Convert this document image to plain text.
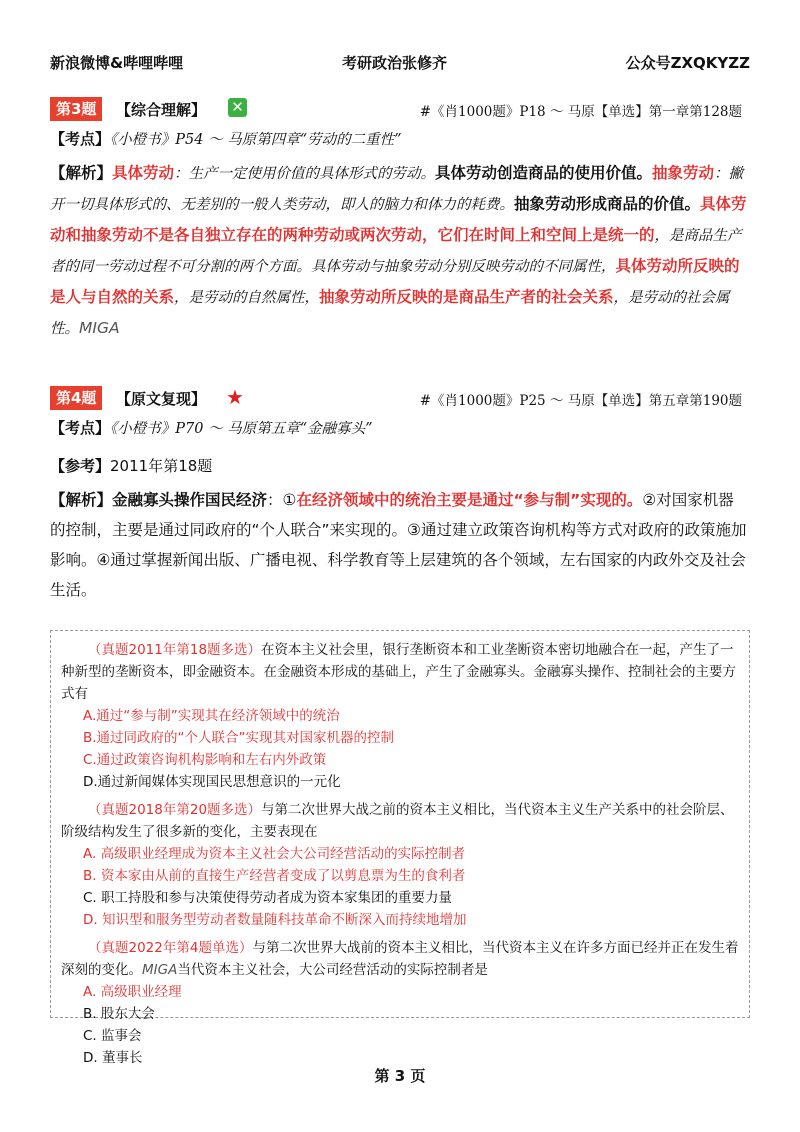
新浪微博&哔哩哔哩	考研政治张修齐	公众号ZXQKYZZ
第3题	【综合理解】 ✕	#《肖1000题》P18 ～ 马原【单选】第一章第128题
【考点】《小橙书》P54 ～ 马原第四章“劳动的二重性”
【解析】具体劳动：生产一定使用价值的具体形式的劳动。具体劳动创造商品的使用价值。抽象劳动：撇开一切具体形式的、无差别的一般人类劳动，即人的脑力和体力的耗费。抽象劳动形成商品的价值。具体劳动和抽象劳动不是各自独立存在的两种劳动或两次劳动，它们在时间上和空间上是统一的，是商品生产者的同一劳动过程不可分割的两个方面。具体劳动与抽象劳动分别反映劳动的不同属性，具体劳动所反映的是人与自然的关系，是劳动的自然属性，抽象劳动所反映的是商品生产者的社会关系，是劳动的社会属性。MIGA
第4题	【原文复现】 ★	#《肖1000题》P25 ～ 马原【单选】第五章第190题
【考点】《小橙书》P70 ～ 马原第五章“金融寡头”
【参考】2011年第18题
【解析】金融寡头操作国民经济：①在经济领域中的统治主要是通过“参与制”实现的。②对国家机器的控制，主要是通过同政府的“个人联合”来实现的。③通过建立政策咨询机构等方式对政府的政策施加影响。④通过掌握新闻出版、广播电视、科学教育等上层建筑的各个领域，左右国家的内政外交及社会生活。
（真题2011年第18题多选）在资本主义社会里，银行垄断资本和工业垄断资本密切地融合在一起，产生了一种新型的垄断资本，即金融资本。在金融资本形成的基础上，产生了金融寡头。金融寡头操作、控制社会的主要方式有
A.通过“参与制”实现其在经济领域中的统治
B.通过同政府的“个人联合”实现其对国家机器的控制
C.通过政策咨询机构影响和左右内外政策
D.通过新闻媒体实现国民思想意识的一元化
（真题2018年第20题多选）与第二次世界大战之前的资本主义相比，当代资本主义生产关系中的社会阶层、阶级结构发生了很多新的变化，主要表现在
A. 高级职业经理成为资本主义社会大公司经营活动的实际控制者
B. 资本家由从前的直接生产经营者变成了以剪息票为生的食利者
C. 职工持股和参与决策使得劳动者成为资本家集团的重要力量
D. 知识型和服务型劳动者数量随科技革命不断深入而持续地增加
（真题2022年第4题单选）与第二次世界大战前的资本主义相比，当代资本主义在许多方面已经并正在发生着深刻的变化。MIGA当代资本主义社会，大公司经营活动的实际控制者是
A. 高级职业经理
B. 股东大会
C. 监事会
D. 董事长
第 3 页
